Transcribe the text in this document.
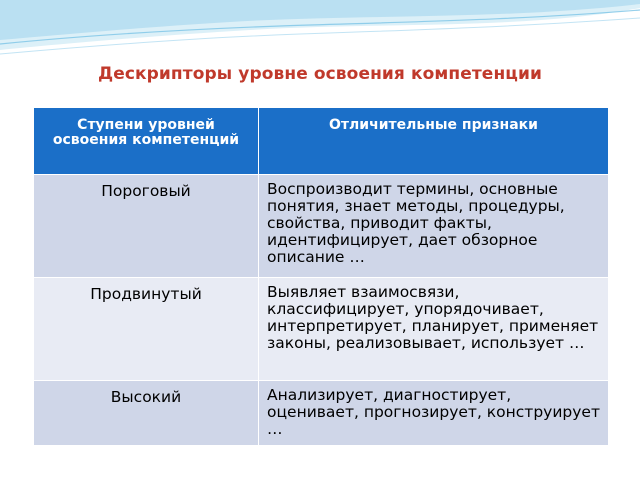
Дескрипторы уровне освоения компетенции
Ступени уровней освоения компетенций	Отличительные признаки
Пороговый	Воспроизводит термины, основные понятия, знает методы, процедуры, свойства, приводит факты, идентифицирует, дает обзорное описание …
Продвинутый	Выявляет взаимосвязи, классифицирует, упорядочивает, интерпретирует, планирует, применяет законы, реализовывает, использует …
Высокий	Анализирует, диагностирует, оценивает, прогнозирует, конструирует …
